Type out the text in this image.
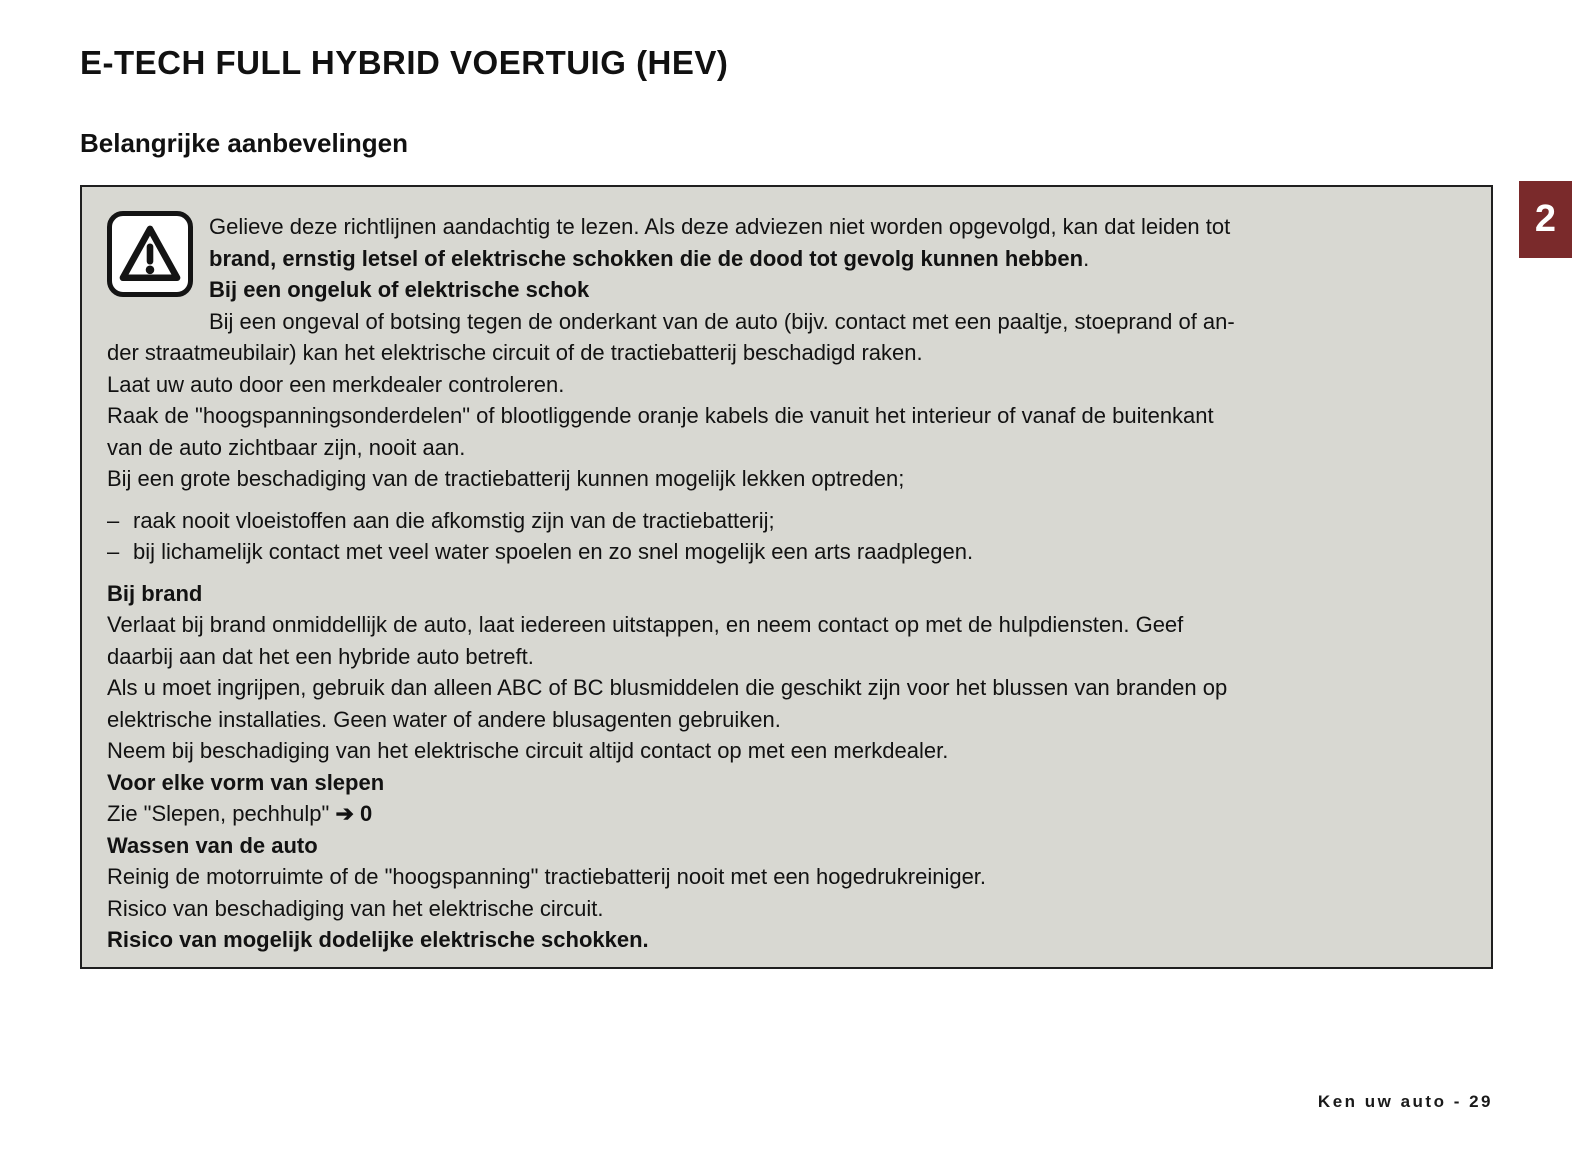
E-TECH FULL HYBRID VOERTUIG (HEV)
Belangrijke aanbevelingen
2
Gelieve deze richtlijnen aandachtig te lezen. Als deze adviezen niet worden opgevolgd, kan dat leiden tot
brand, ernstig letsel of elektrische schokken die de dood tot gevolg kunnen hebben.
Bij een ongeluk of elektrische schok
Bij een ongeval of botsing tegen de onderkant van de auto (bijv. contact met een paaltje, stoeprand of an-
der straatmeubilair) kan het elektrische circuit of de tractiebatterij beschadigd raken.
Laat uw auto door een merkdealer controleren.
Raak de "hoogspanningsonderdelen" of blootliggende oranje kabels die vanuit het interieur of vanaf de buitenkant
van de auto zichtbaar zijn, nooit aan.
Bij een grote beschadiging van de tractiebatterij kunnen mogelijk lekken optreden;
– raak nooit vloeistoffen aan die afkomstig zijn van de tractiebatterij;
– bij lichamelijk contact met veel water spoelen en zo snel mogelijk een arts raadplegen.
Bij brand
Verlaat bij brand onmiddellijk de auto, laat iedereen uitstappen, en neem contact op met de hulpdiensten. Geef
daarbij aan dat het een hybride auto betreft.
Als u moet ingrijpen, gebruik dan alleen ABC of BC blusmiddelen die geschikt zijn voor het blussen van branden op
elektrische installaties. Geen water of andere blusagenten gebruiken.
Neem bij beschadiging van het elektrische circuit altijd contact op met een merkdealer.
Voor elke vorm van slepen
Zie "Slepen, pechhulp" ➔ 0
Wassen van de auto
Reinig de motorruimte of de "hoogspanning" tractiebatterij nooit met een hogedrukreiniger.
Risico van beschadiging van het elektrische circuit.
Risico van mogelijk dodelijke elektrische schokken.
Ken uw auto - 29
